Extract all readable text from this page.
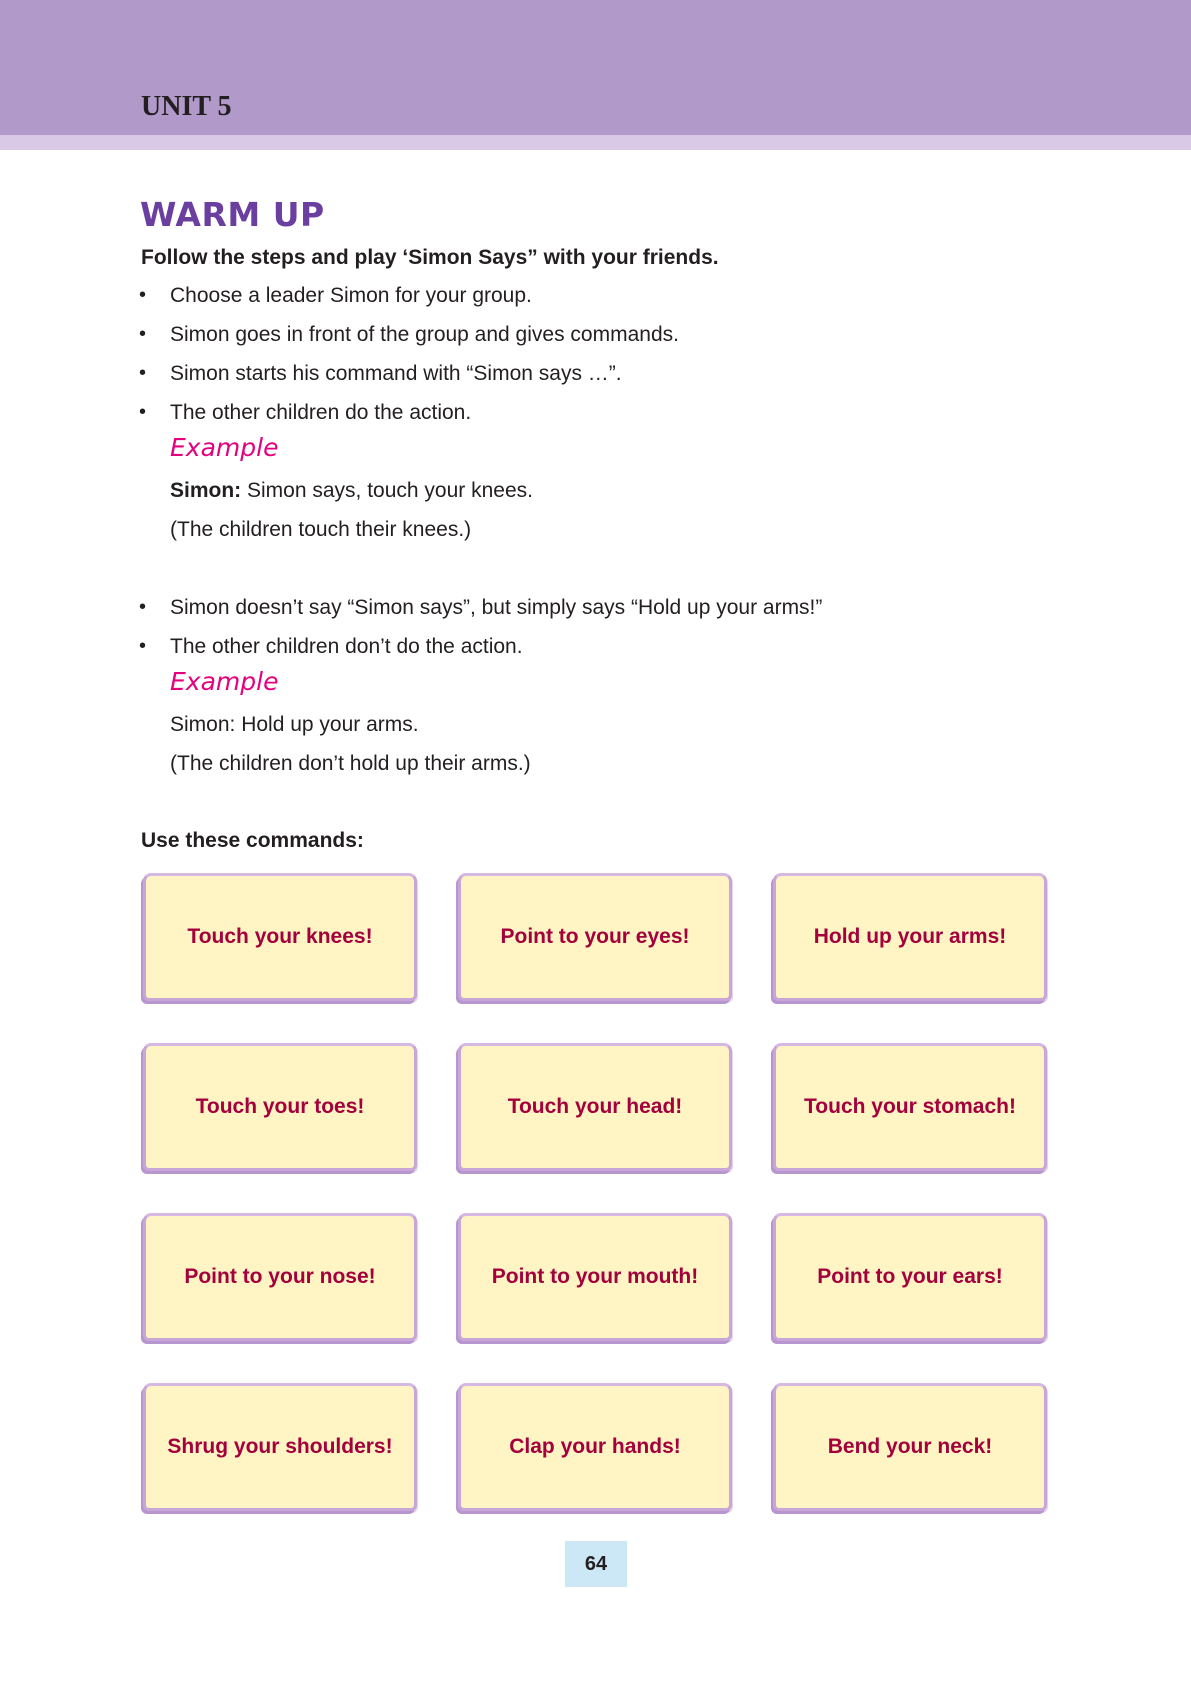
UNIT 5
WARM UP
Follow the steps and play ‘Simon Says” with your friends.
• Choose a leader Simon for your group.
• Simon goes in front of the group and gives commands.
• Simon starts his command with “Simon says …”.
• The other children do the action.
Example
Simon: Simon says, touch your knees.
(The children touch their knees.)
• Simon doesn’t say “Simon says”, but simply says “Hold up your arms!”
• The other children don’t do the action.
Example
Simon: Hold up your arms.
(The children don’t hold up their arms.)
Use these commands:
Touch your knees!	Point to your eyes!	Hold up your arms!
Touch your toes!	Touch your head!	Touch your stomach!
Point to your nose!	Point to your mouth!	Point to your ears!
Shrug your shoulders!	Clap your hands!	Bend your neck!
64
